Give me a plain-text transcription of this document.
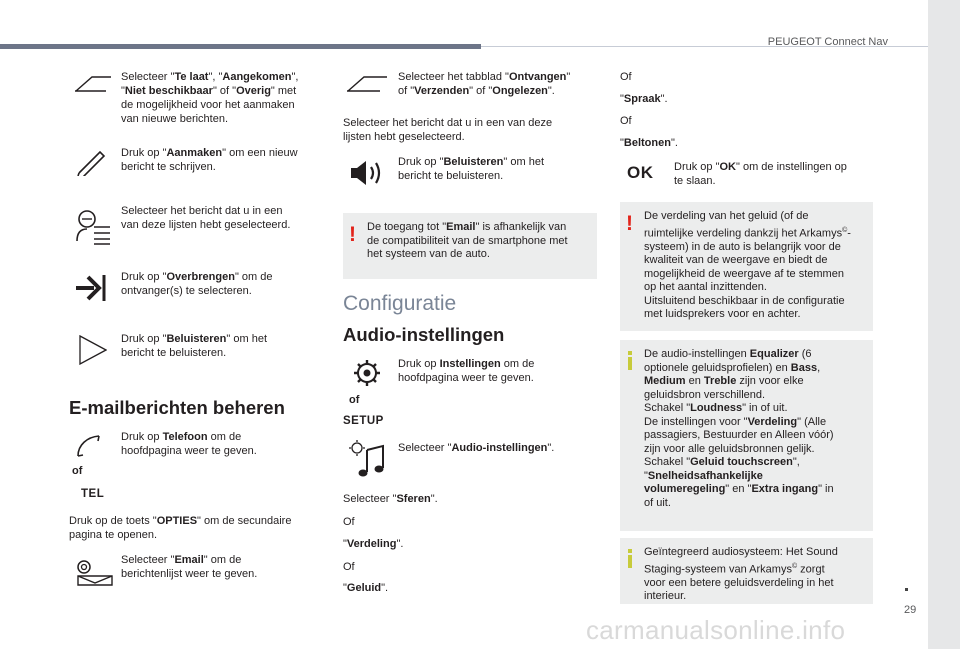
PEUGEOT Connect Nav
29
Selecteer "Te laat", "Aangekomen",
"Niet beschikbaar" of "Overig" met
de mogelijkheid voor het aanmaken
van nieuwe berichten.
Druk op "Aanmaken" om een nieuw
bericht te schrijven.
Selecteer het bericht dat u in een
van deze lijsten hebt geselecteerd.
Druk op "Overbrengen" om de
ontvanger(s) te selecteren.
Druk op "Beluisteren" om het
bericht te beluisteren.
E-mailberichten beheren
of
TEL
Druk op Telefoon om de
hoofdpagina weer te geven.
Druk op de toets "OPTIES" om de secundaire
pagina te openen.
Selecteer "Email" om de
berichtenlijst weer te geven.
Selecteer het tabblad "Ontvangen"
of "Verzenden" of "Ongelezen".
Selecteer het bericht dat u in een van deze
lijsten hebt geselecteerd.
Druk op "Beluisteren" om het
bericht te beluisteren.
! De toegang tot "Email" is afhankelijk van
de compatibiliteit van de smartphone met
het systeem van de auto.
Configuratie
Audio-instellingen
of
SETUP
Druk op Instellingen om de
hoofdpagina weer te geven.
Selecteer "Audio-instellingen".
Selecteer "Sferen".
Of
"Verdeling".
Of
"Geluid".
Of
"Spraak".
Of
"Beltonen".
OK Druk op "OK" om de instellingen op
te slaan.
! De verdeling van het geluid (of de
ruimtelijke verdeling dankzij het Arkamys©-
systeem) in de auto is belangrijk voor de
kwaliteit van de weergave en biedt de
mogelijkheid de weergave af te stemmen
op het aantal inzittenden.
Uitsluitend beschikbaar in de configuratie
met luidsprekers voor en achter.
De audio-instellingen Equalizer (6
optionele geluidsprofielen) en Bass,
Medium en Treble zijn voor elke
geluidsbron verschillend.
Schakel "Loudness" in of uit.
De instellingen voor "Verdeling" (Alle
passagiers, Bestuurder en Alleen vóór)
zijn voor alle geluidsbronnen gelijk.
Schakel "Geluid touchscreen",
"Snelheidsafhankelijke
volumeregeling" en "Extra ingang" in
of uit.
Geïntegreerd audiosysteem: Het Sound
Staging-systeem van Arkamys© zorgt
voor een betere geluidsverdeling in het
interieur.
carmanualsonline.info
